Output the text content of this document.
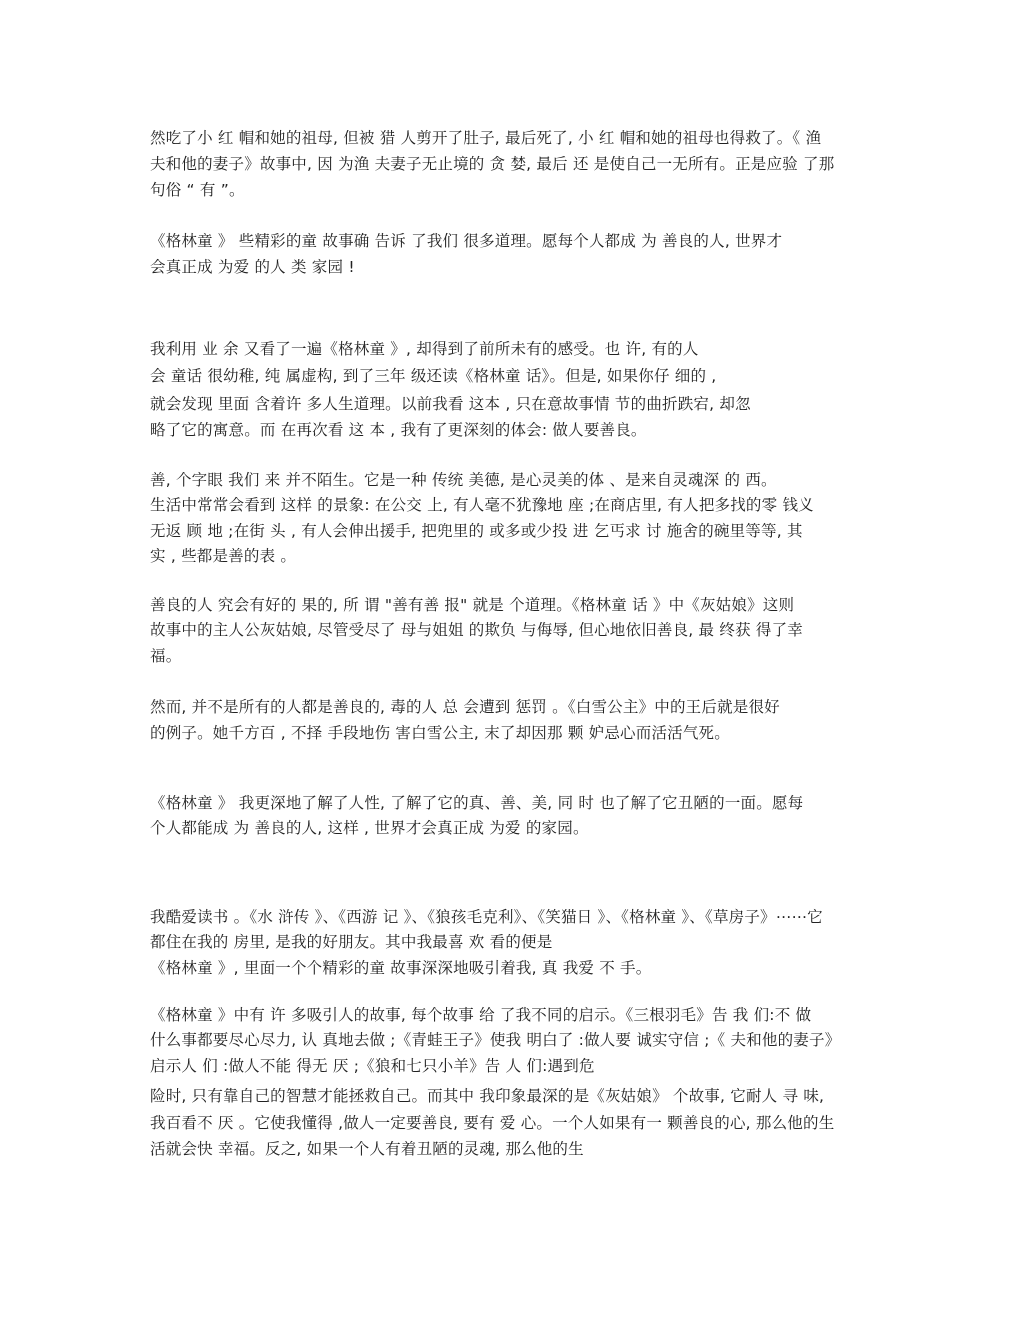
然吃了小 红 帽和她的祖母, 但被 猎 人剪开了肚子, 最后死了, 小 红 帽和她的祖母也得救了。《 渔
夫和他的妻子》故事中, 因 为渔 夫妻子无止境的 贪 婪, 最后 还 是使自己一无所有。正是应验 了那
句俗 “ 有 ”。
《格林童 》 些精彩的童 故事确 告诉 了我们 很多道理。愿每个人都成 为 善良的人, 世界才
会真正成 为爱 的人 类 家园 !
我利用 业 余 又看了一遍《格林童 》, 却得到了前所未有的感受。也 许, 有的人
会 童话 很幼稚, 纯 属虚构, 到了三年 级还读《格林童 话》。但是, 如果你仔 细的 ,
就会发现 里面 含着许 多人生道理。以前我看 这本 , 只在意故事情 节的曲折跌宕, 却忽
略了它的寓意。而 在再次看 这 本 , 我有了更深刻的体会: 做人要善良。
善, 个字眼 我们 来 并不陌生。它是一种 传统 美德, 是心灵美的体 、是来自灵魂深 的 西。
生活中常常会看到 这样 的景象: 在公交 上, 有人毫不犹豫地 座 ;在商店里, 有人把多找的零 钱义
无返 顾 地 ;在街 头 , 有人会伸出援手, 把兜里的 或多或少投 进 乞丐求 讨 施舍的碗里等等, 其
实 , 些都是善的表 。
善良的人 究会有好的 果的, 所 谓 "善有善 报" 就是 个道理。《格林童 话 》中《灰姑娘》这则
故事中的主人公灰姑娘, 尽管受尽了 母与姐姐 的欺负 与侮辱, 但心地依旧善良, 最 终获 得了幸
福。
然而, 并不是所有的人都是善良的, 毒的人 总 会遭到 惩罚 。《白雪公主》中的王后就是很好
的例子。她千方百 , 不择 手段地伤 害白雪公主, 末了却因那 颗 妒忌心而活活气死。
《格林童 》 我更深地了解了人性, 了解了它的真、善、美, 同 时 也了解了它丑陋的一面。愿每
个人都能成 为 善良的人, 这样 , 世界才会真正成 为爱 的家园。
我酷爱读书 。《水 浒传 》、《西游 记 》、《狼孩毛克利》、《笑猫日 》、《格林童 》、《草房子》⋯⋯它
都住在我的 房里, 是我的好朋友。其中我最喜 欢 看的便是
《格林童 》, 里面一个个精彩的童 故事深深地吸引着我, 真 我爱 不 手。
《格林童 》中有 许 多吸引人的故事, 每个故事 给 了我不同的启示。《三根羽毛》告 我 们:不 做
什么事都要尽心尽力, 认 真地去做 ;《青蛙王子》使我 明白了 :做人要 诚实守信 ;《 夫和他的妻子》
启示人 们 :做人不能 得无 厌 ;《狼和七只小羊》告 人 们:遇到危
险时, 只有靠自己的智慧才能拯救自己。而其中 我印象最深的是《灰姑娘》 个故事, 它耐人 寻 味,
我百看不 厌 。它使我懂得 ,做人一定要善良, 要有 爱 心。一个人如果有一 颗善良的心, 那么他的生
活就会快 幸福。反之, 如果一个人有着丑陋的灵魂, 那么他的生
